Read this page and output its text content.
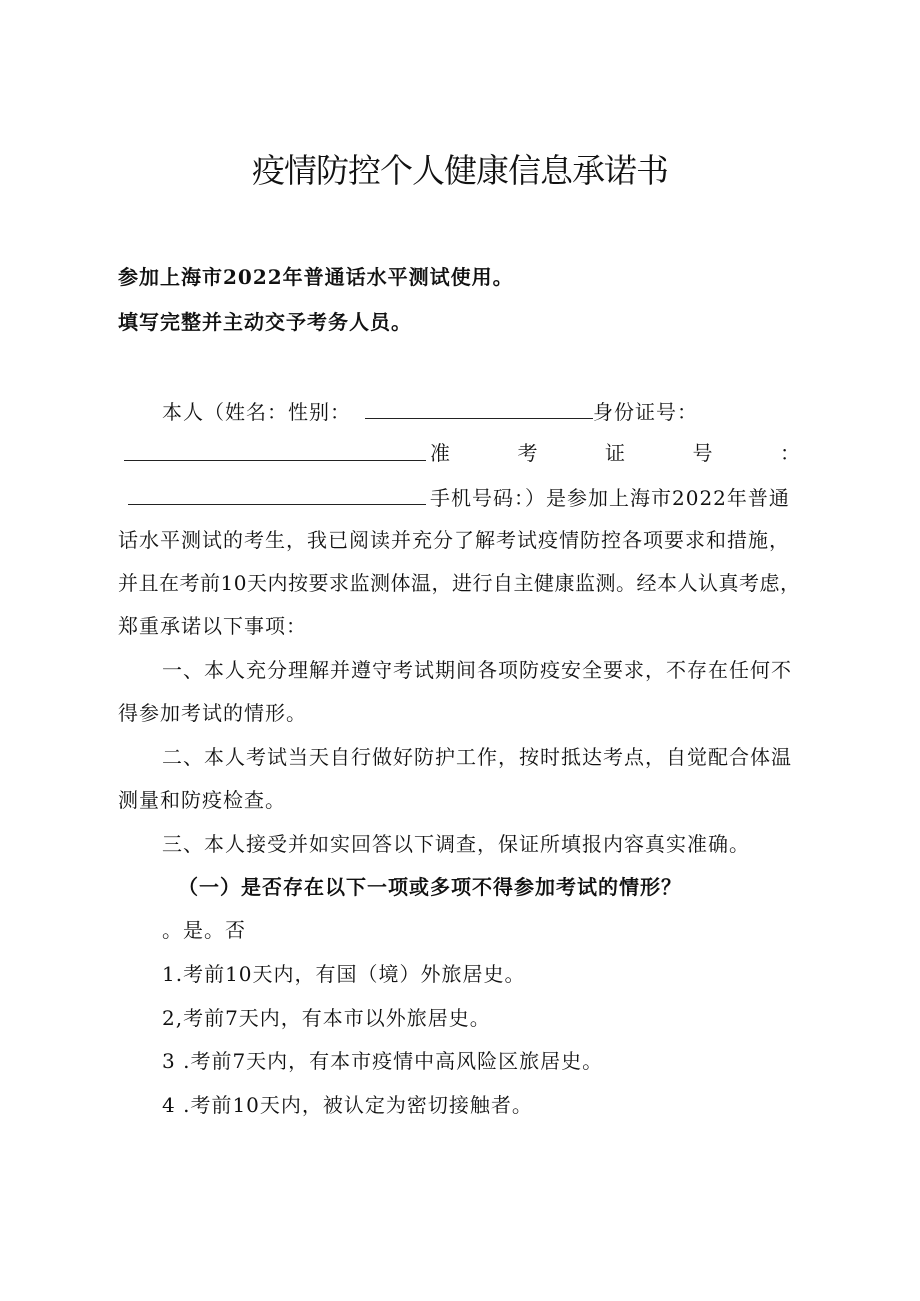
疫情防控个人健康信息承诺书
参加上海市2022年普通话水平测试使用。
填写完整并主动交予考务人员。
本人（姓名：性别：	身份证号：
准	考	证	号	：
手机号码：）是参加上海市2022年普通
话水平测试的考生，我已阅读并充分了解考试疫情防控各项要求和措施，
并且在考前10天内按要求监测体温，进行自主健康监测。经本人认真考虑，
郑重承诺以下事项：
一、本人充分理解并遵守考试期间各项防疫安全要求，不存在任何不
得参加考试的情形。
二、本人考试当天自行做好防护工作，按时抵达考点，自觉配合体温
测量和防疫检查。
三、本人接受并如实回答以下调查，保证所填报内容真实准确。
（一）是否存在以下一项或多项不得参加考试的情形？
。是。否
1.考前10天内，有国（境）外旅居史。
2,考前7天内，有本市以外旅居史。
3 .考前7天内，有本市疫情中高风险区旅居史。
4 .考前10天内，被认定为密切接触者。
